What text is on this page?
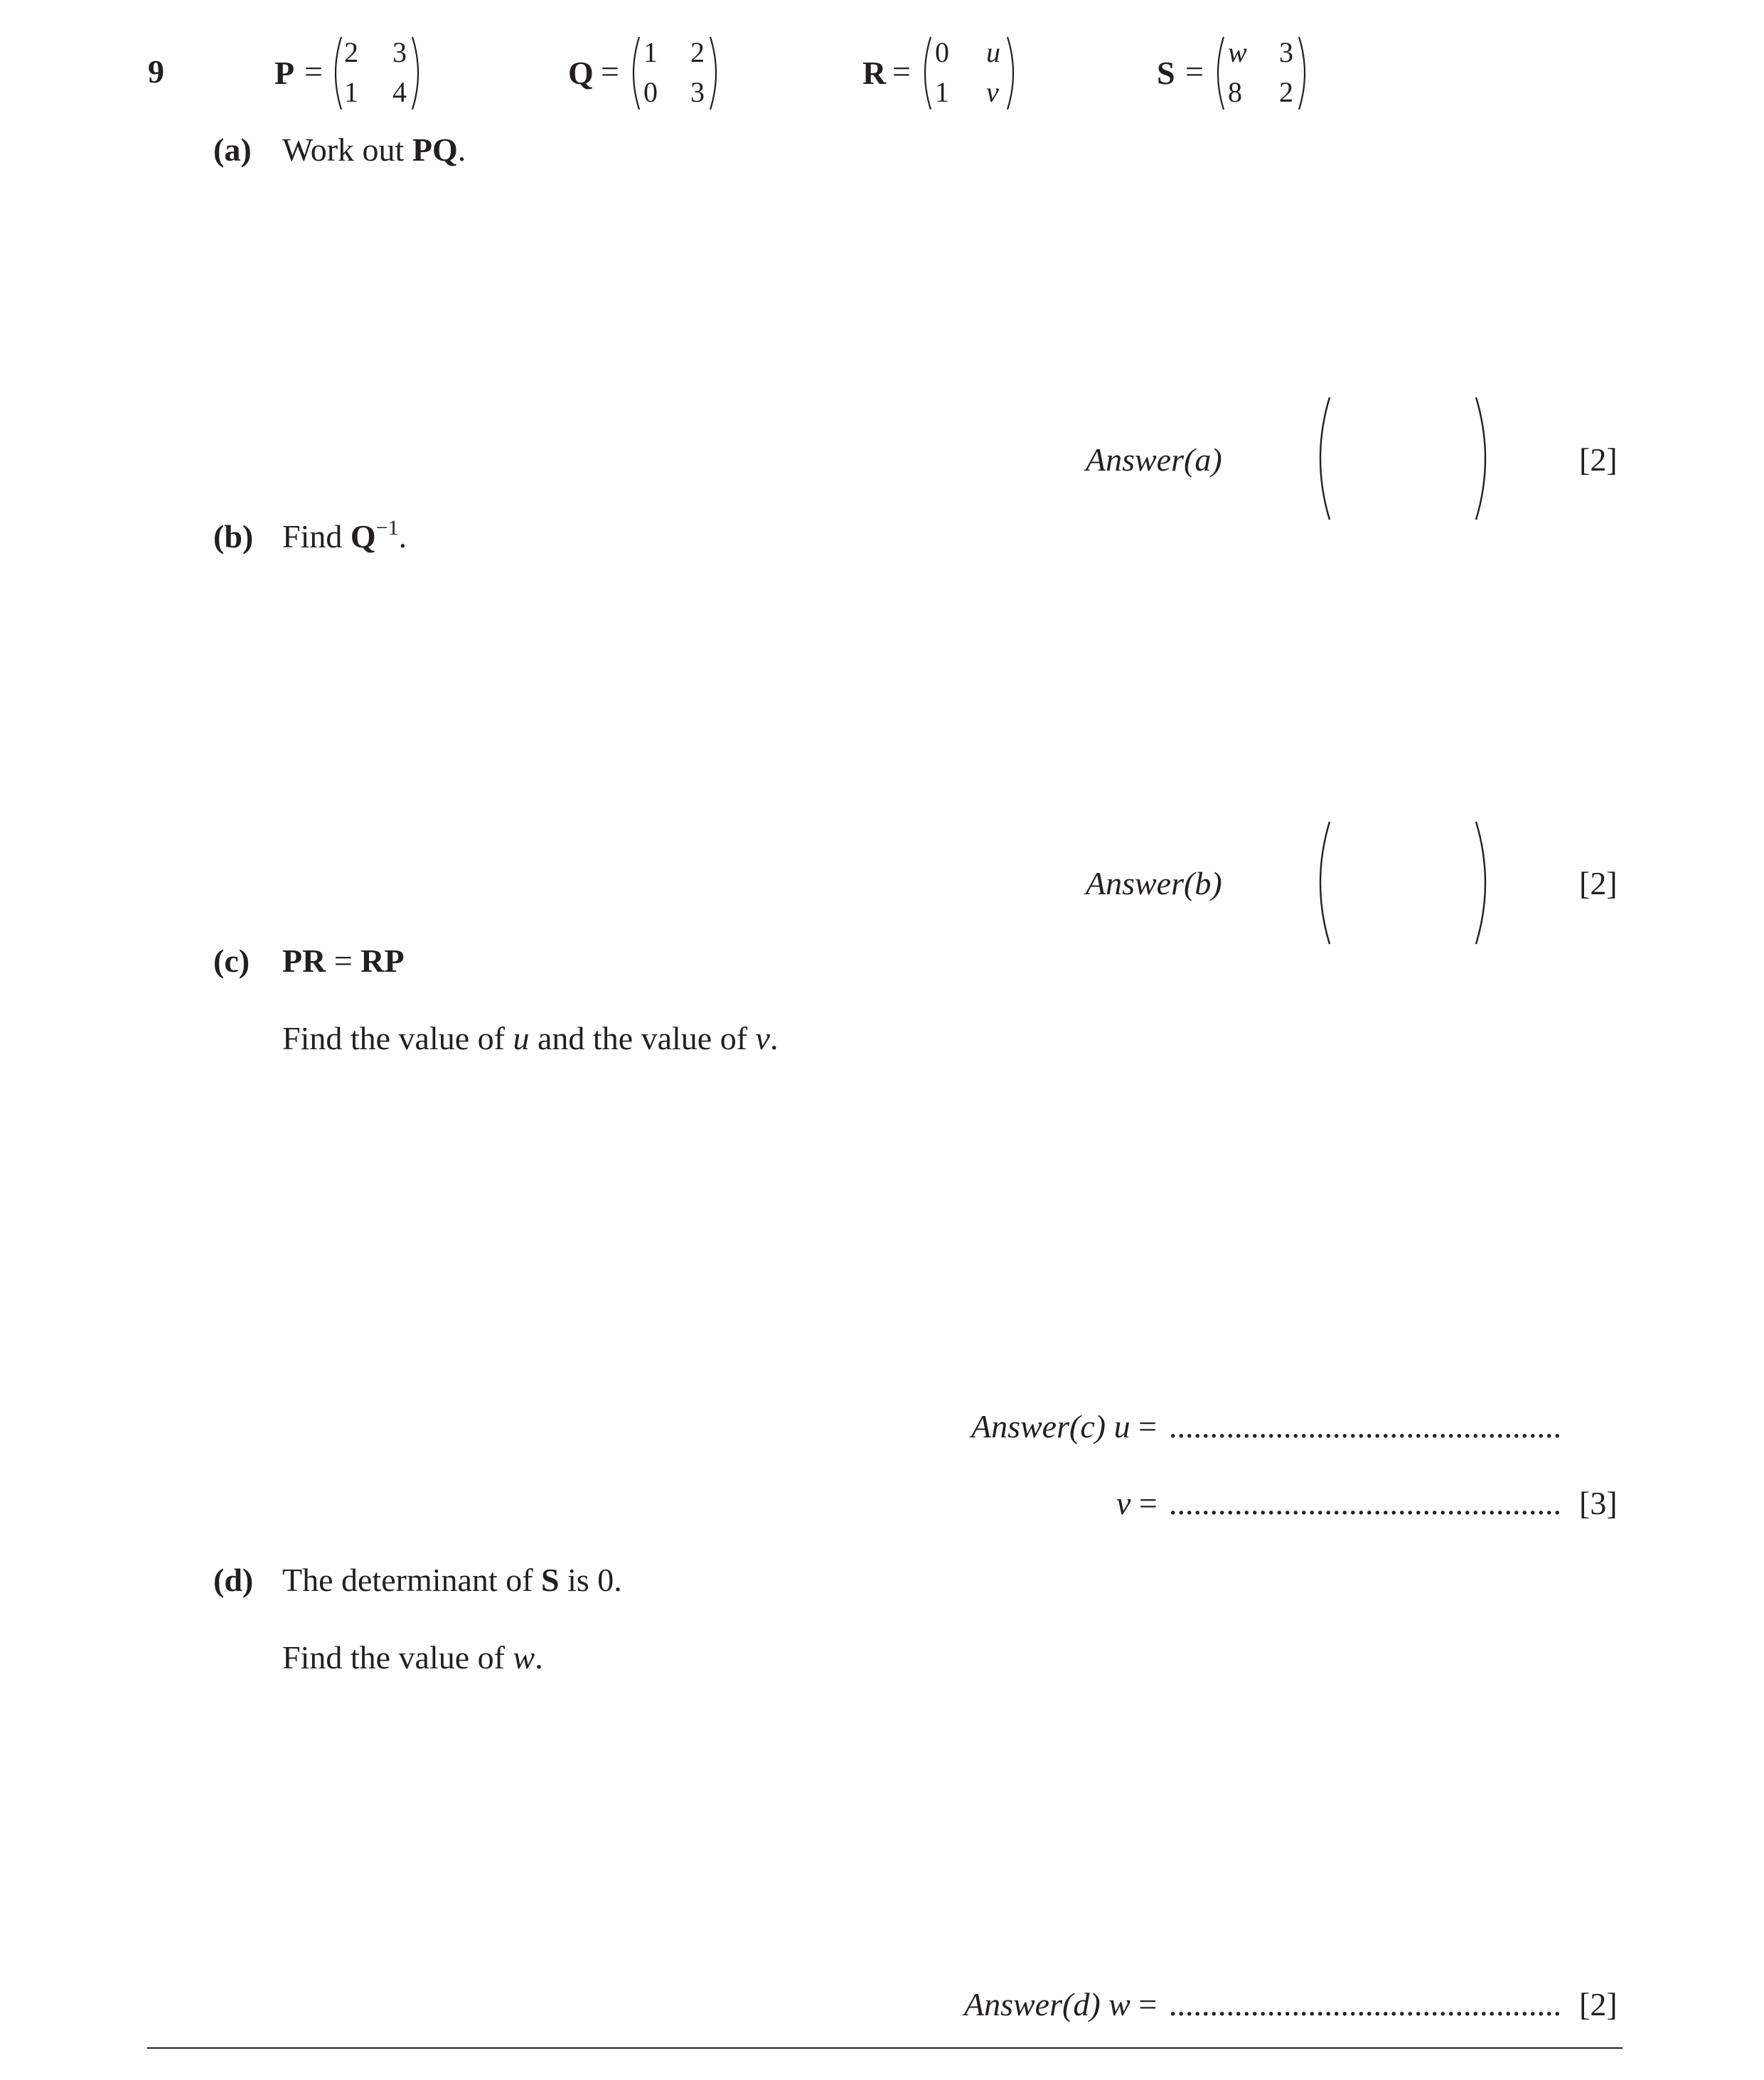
9	P =
2 3
1 4
Q =
1 2
0 3
R =
0 u
1 v
S =
w 3
8 2
(a) Work out PQ.
Answer(a)	[2]
(b) Find $Q^{-1}$.
Answer(b)	[2]
(c) PR = RP
Find the value of u and the value of v.
Answer(c) u = ................................................
v = ................................................ [3]
(d) The determinant of S is 0.
Find the value of w.
Answer(d) w = ................................................ [2]
